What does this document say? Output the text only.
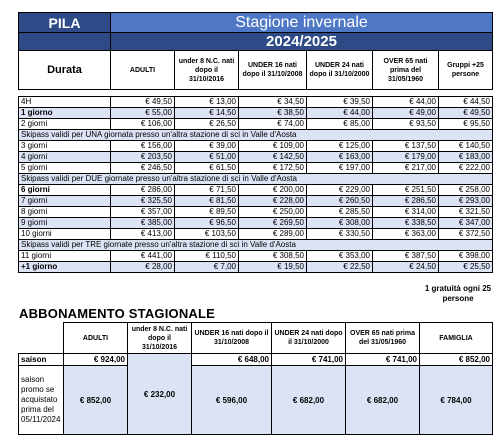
PILA	Stagione invernale					
	2024/2025					
Durata	ADULTI	under 8 N.C. nati dopo il 31/10/2016	UNDER 16 nati dopo il 31/10/2008	UNDER 24 nati dopo il 31/10/2000	OVER 65 nati prima del 31/05/1960	Gruppi +25 persone
4H	€ 49,50	€ 13,00	€ 34,50	€ 39,50	€ 44,00	€ 44,50
1 giorno	€ 55,00	€ 14,50	€ 38,50	€ 44,00	€ 49,00	€ 49,50
2 giorni	€ 106,00	€ 26,50	€ 74,00	€ 85,00	€ 93,50	€ 95,50
Skipass validi per UNA giornata presso un'altra stazione di sci in Valle d'Aosta						
3 giorni	€ 156,00	€ 39,00	€ 109,00	€ 125,00	€ 137,50	€ 140,50
4 giorni	€ 203,50	€ 51,00	€ 142,50	€ 163,00	€ 179,00	€ 183,00
5 giorni	€ 246,50	€ 61,50	€ 172,50	€ 197,00	€ 217,00	€ 222,00
Skipass validi per DUE giornate presso un'altra stazione di sci in Valle d'Aosta						
6 giorni	€ 286,00	€ 71,50	€ 200,00	€ 229,00	€ 251,50	€ 258,00
7 giorni	€ 325,50	€ 81,50	€ 228,00	€ 260,50	€ 286,50	€ 293,00
8 giorni	€ 357,00	€ 89,50	€ 250,00	€ 285,50	€ 314,00	€ 321,50
9 giorni	€ 385,00	€ 96,50	€ 269,50	€ 308,00	€ 338,50	€ 347,00
10 giorni	€ 413,00	€ 103,50	€ 289,00	€ 330,50	€ 363,00	€ 372,50
Skipass validi per TRE giornate presso un'altra stazione di sci in Valle d'Aosta						
11 giorni	€ 441,00	€ 110,50	€ 308,50	€ 353,00	€ 387,50	€ 398,00
+1 giorno	€ 28,00	€ 7,00	€ 19,50	€ 22,50	€ 24,50	€ 25,50
1 gratuità ogni 25 persone
ABBONAMENTO STAGIONALE
	ADULTI	under 8 N.C. nati dopo il 31/10/2016	UNDER 16 nati dopo il 31/10/2008	UNDER 24 nati dopo il 31/10/2000	OVER 65 nati prima del 31/05/1960	FAMIGLIA
saison	€ 924,00	€ 232,00	€ 648,00	€ 741,00	€ 741,00	€ 852,00
saison promo se acquistato prima del 05/11/2024	€ 852,00		€ 596,00	€ 682,00	€ 682,00	€ 784,00
